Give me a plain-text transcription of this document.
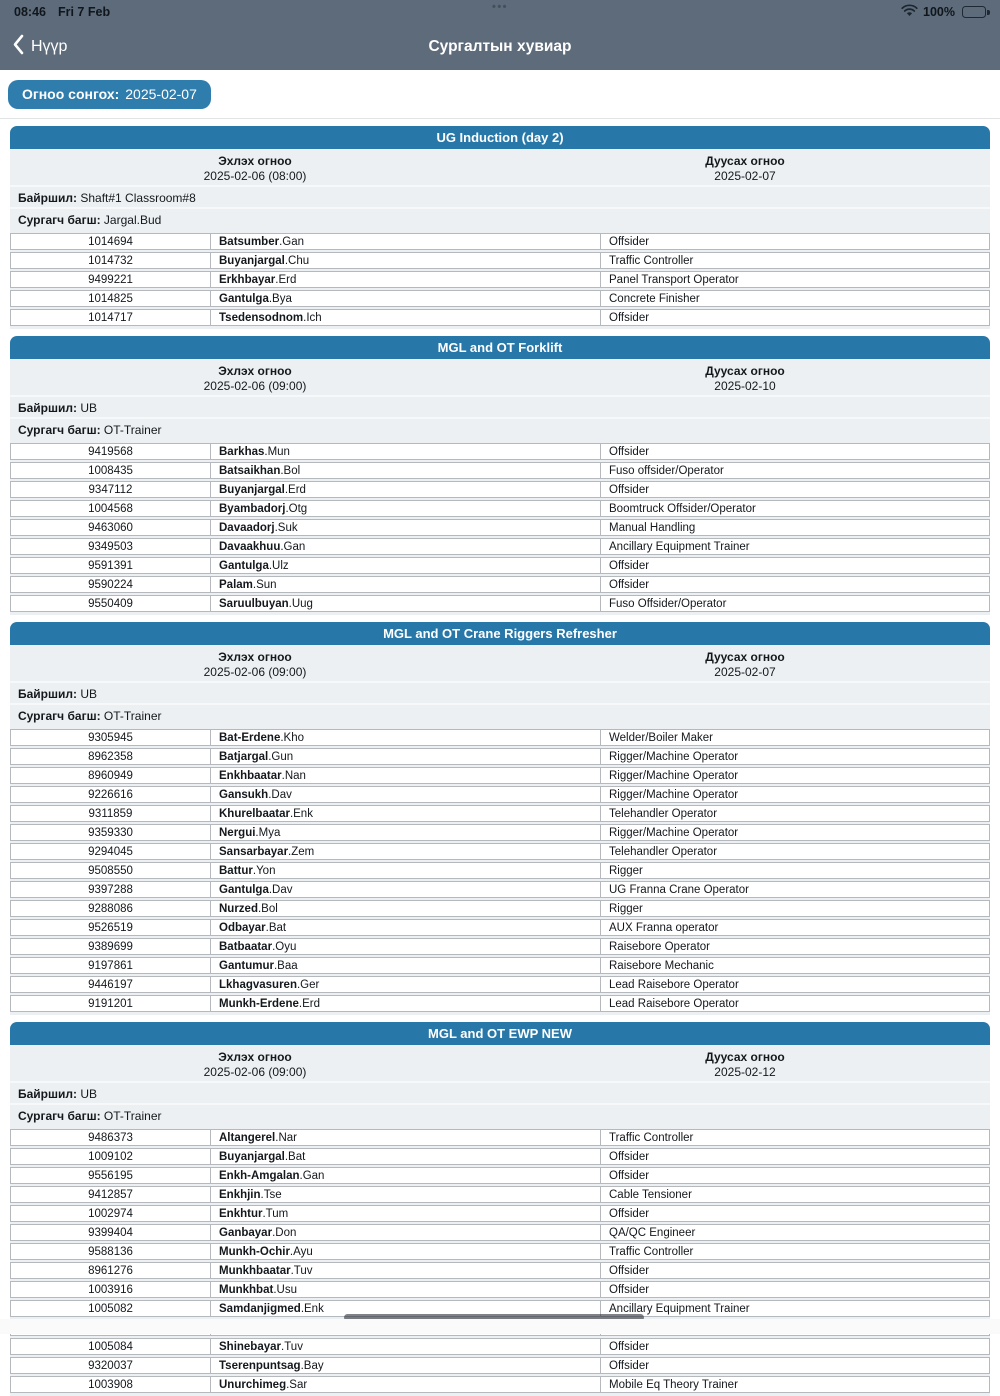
08:46 Fri 7 Feb	•••	100%
Нүүр	Сургалтын хувиар
Огноо сонгох: 2025-02-07
UG Induction (day 2)
Эхлэх огноо
2025-02-06 (08:00)
Дуусах огноо
2025-02-07
Байршил: Shaft#1 Classroom#8
Сургагч багш: Jargal.Bud
1014694	Batsumber .Gan	Offsider
1014732	Buyanjargal .Chu	Traffic Controller
9499221	Erkhbayar .Erd	Panel Transport Operator
1014825	Gantulga .Bya	Concrete Finisher
1014717	Tsedensodnom .Ich	Offsider
MGL and OT Forklift
Эхлэх огноо
2025-02-06 (09:00)
Дуусах огноо
2025-02-10
Байршил: UB
Сургагч багш: OT-Trainer
9419568	Barkhas .Mun	Offsider
1008435	Batsaikhan .Bol	Fuso offsider/Operator
9347112	Buyanjargal .Erd	Offsider
1004568	Byambadorj .Otg	Boomtruck Offsider/Operator
9463060	Davaadorj .Suk	Manual Handling
9349503	Davaakhuu .Gan	Ancillary Equipment Trainer
9591391	Gantulga .Ulz	Offsider
9590224	Palam .Sun	Offsider
9550409	Saruulbuyan .Uug	Fuso Offsider/Operator
MGL and OT Crane Riggers Refresher
Эхлэх огноо
2025-02-06 (09:00)
Дуусах огноо
2025-02-07
Байршил: UB
Сургагч багш: OT-Trainer
9305945	Bat-Erdene .Kho	Welder/Boiler Maker
8962358	Batjargal .Gun	Rigger/Machine Operator
8960949	Enkhbaatar .Nan	Rigger/Machine Operator
9226616	Gansukh .Dav	Rigger/Machine Operator
9311859	Khurelbaatar .Enk	Telehandler Operator
9359330	Nergui .Mya	Rigger/Machine Operator
9294045	Sansarbayar .Zem	Telehandler Operator
9508550	Battur .Yon	Rigger
9397288	Gantulga .Dav	UG Franna Crane Operator
9288086	Nurzed .Bol	Rigger
9526519	Odbayar .Bat	AUX Franna operator
9389699	Batbaatar .Oyu	Raisebore Operator
9197861	Gantumur .Baa	Raisebore Mechanic
9446197	Lkhagvasuren .Ger	Lead Raisebore Operator
9191201	Munkh-Erdene .Erd	Lead Raisebore Operator
MGL and OT EWP NEW
Эхлэх огноо
2025-02-06 (09:00)
Дуусах огноо
2025-02-12
Байршил: UB
Сургагч багш: OT-Trainer
9486373	Altangerel .Nar	Traffic Controller
1009102	Buyanjargal .Bat	Offsider
9556195	Enkh-Amgalan .Gan	Offsider
9412857	Enkhjin .Tse	Cable Tensioner
1002974	Enkhtur .Tum	Offsider
9399404	Ganbayar .Don	QA/QC Engineer
9588136	Munkh-Ochir .Ayu	Traffic Controller
8961276	Munkhbaatar .Tuv	Offsider
1003916	Munkhbat .Usu	Offsider
1005082	Samdanjigmed .Enk	Ancillary Equipment Trainer
1005084	Shinebayar .Tuv	Offsider
9320037	Tserenpuntsag .Bay	Offsider
1003908	Unurchimeg .Sar	Mobile Eq Theory Trainer
